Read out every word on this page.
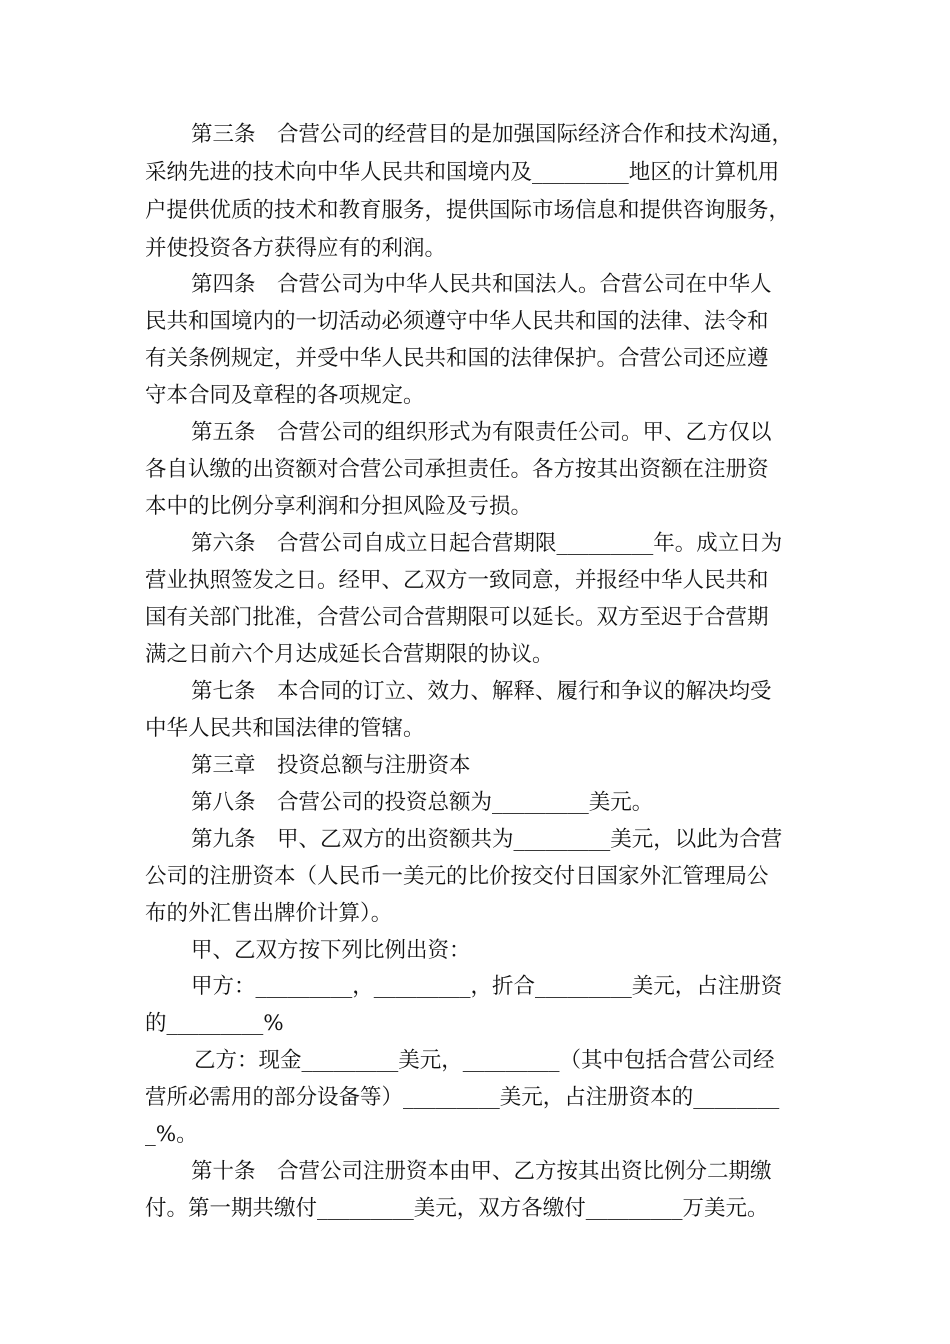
第三条　合营公司的经营目的是加强国际经济合作和技术沟通，
采纳先进的技术向中华人民共和国境内及_________地区的计算机用
户提供优质的技术和教育服务，提供国际市场信息和提供咨询服务，
并使投资各方获得应有的利润。
第四条　合营公司为中华人民共和国法人。合营公司在中华人
民共和国境内的一切活动必须遵守中华人民共和国的法律、法令和
有关条例规定，并受中华人民共和国的法律保护。合营公司还应遵
守本合同及章程的各项规定。
第五条　合营公司的组织形式为有限责任公司。甲、乙方仅以
各自认缴的出资额对合营公司承担责任。各方按其出资额在注册资
本中的比例分享利润和分担风险及亏损。
第六条　合营公司自成立日起合营期限_________年。成立日为
营业执照签发之日。经甲、乙双方一致同意，并报经中华人民共和
国有关部门批准，合营公司合营期限可以延长。双方至迟于合营期
满之日前六个月达成延长合营期限的协议。
第七条　本合同的订立、效力、解释、履行和争议的解决均受
中华人民共和国法律的管辖。
第三章　投资总额与注册资本
第八条　合营公司的投资总额为_________美元。
第九条　甲、乙双方的出资额共为_________美元，以此为合营
公司的注册资本（人民币一美元的比价按交付日国家外汇管理局公
布的外汇售出牌价计算）。
甲、乙双方按下列比例出资：
甲方：_________，_________，折合_________美元，占注册资
的_________%
乙方：现金_________美元，_________（其中包括合营公司经
营所必需用的部分设备等）_________美元，占注册资本的________
_%。
第十条　合营公司注册资本由甲、乙方按其出资比例分二期缴
付。第一期共缴付_________美元，双方各缴付_________万美元。
